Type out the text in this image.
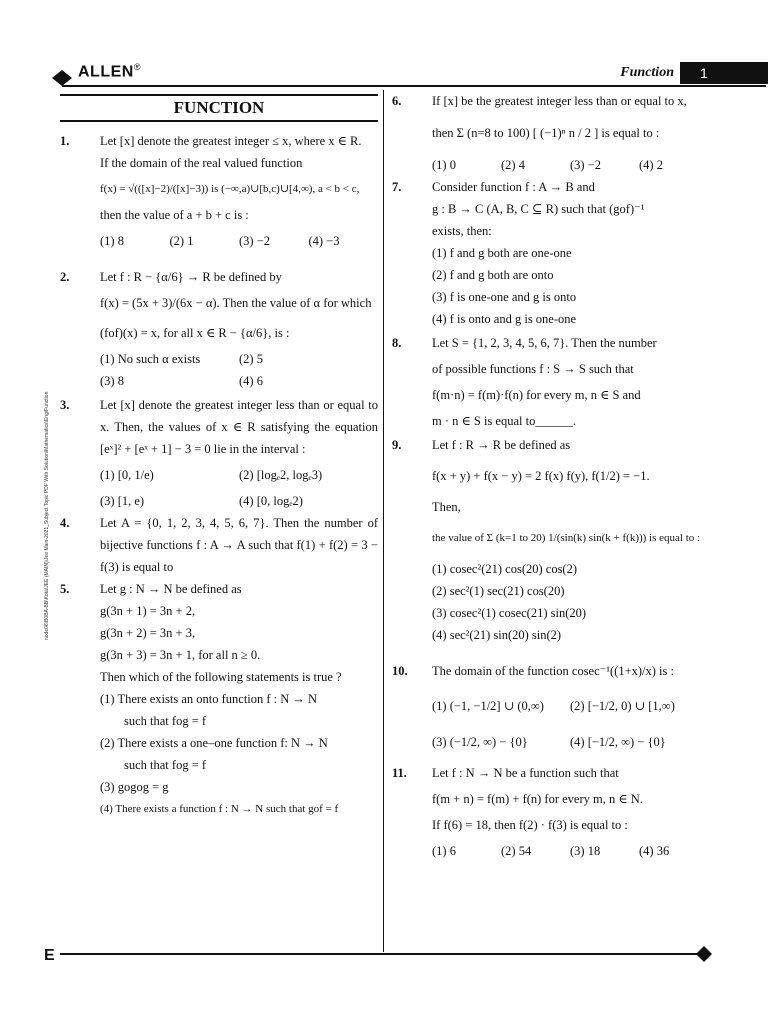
ALLEN®	Function	1
FUNCTION
1.	Let [x] denote the greatest integer ≤ x, where x ∈ R.
If the domain of the real valued function
f(x) = √(([x]−2)/([x]−3)) is (−∞,a)∪[b,c)∪[4,∞), a < b < c,
then the value of a + b + c is :
(1) 8	(2) 1	(3) −2	(4) −3
2.	Let f : R − {α/6} → R be defined by
f(x) = (5x + 3)/(6x − α). Then the value of α for which
(fof)(x) = x, for all x ∈ R − {α/6}, is :
(1) No such α exists	(2) 5
(3) 8	(4) 6
3.	Let [x] denote the greatest integer less than or equal to x. Then, the values of x ∈ R satisfying the equation [eˣ]² + [eˣ + 1] − 3 = 0 lie in the interval :
(1) [0, 1/e)	(2) [logₑ2, logₑ3)
(3) [1, e)	(4) [0, logₑ2)
4.	Let A = {0, 1, 2, 3, 4, 5, 6, 7}. Then the number of bijective functions f : A → A such that f(1) + f(2) = 3 − f(3) is equal to
5.	Let g : N → N be defined as
g(3n + 1) = 3n + 2,
g(3n + 2) = 3n + 3,
g(3n + 3) = 3n + 1, for all n ≥ 0.
Then which of the following statements is true ?
(1) There exists an onto function f : N → N
such that fog = f
(2) There exists a one–one function f: N → N
such that fog = f
(3) gogog = g
(4) There exists a function f : N → N such that gof = f
6.	If [x] be the greatest integer less than or equal to x,
then Σ (n=8 to 100) [ (−1)ⁿ n / 2 ] is equal to :
(1) 0	(2) 4	(3) −2	(4) 2
7.	Consider function f : A → B and
g : B → C (A, B, C ⊆ R) such that (gof)⁻¹
exists, then:
(1) f and g both are one-one
(2) f and g both are onto
(3) f is one-one and g is onto
(4) f is onto and g is one-one
8.	Let S = {1, 2, 3, 4, 5, 6, 7}. Then the number
of possible functions f : S → S such that
f(m·n) = f(m)·f(n) for every m, n ∈ S and
m · n ∈ S is equal to______.
9.	Let f : R → R be defined as
f(x + y) + f(x − y) = 2 f(x) f(y), f(1/2) = −1.
Then,
the value of Σ (k=1 to 20) 1/(sin(k) sin(k + f(k))) is equal to :
(1) cosec²(21) cos(20) cos(2)
(2) sec²(1) sec(21) cos(20)
(3) cosec²(1) cosec(21) sin(20)
(4) sec²(21) sin(20) sin(2)
10.	The domain of the function cosec⁻¹((1+x)/x) is :
(1) (−1, −1/2] ∪ (0,∞)	(2) [−1/2, 0) ∪ [1,∞)
(3) (−1/2, ∞) − {0}	(4) [−1/2, ∞) − {0}
11.	Let f : N → N be a function such that
f(m + n) = f(m) + f(n) for every m, n ∈ N.
If f(6) = 18, then f(2) · f(3) is equal to :
(1) 6	(2) 54	(3) 18	(4) 36
node06\B0BA-BB\Kota\JEE (MAIN)\Jee Main-2021_Subject Topic PDF With Solution\Mathematics\Eng\Function
E
